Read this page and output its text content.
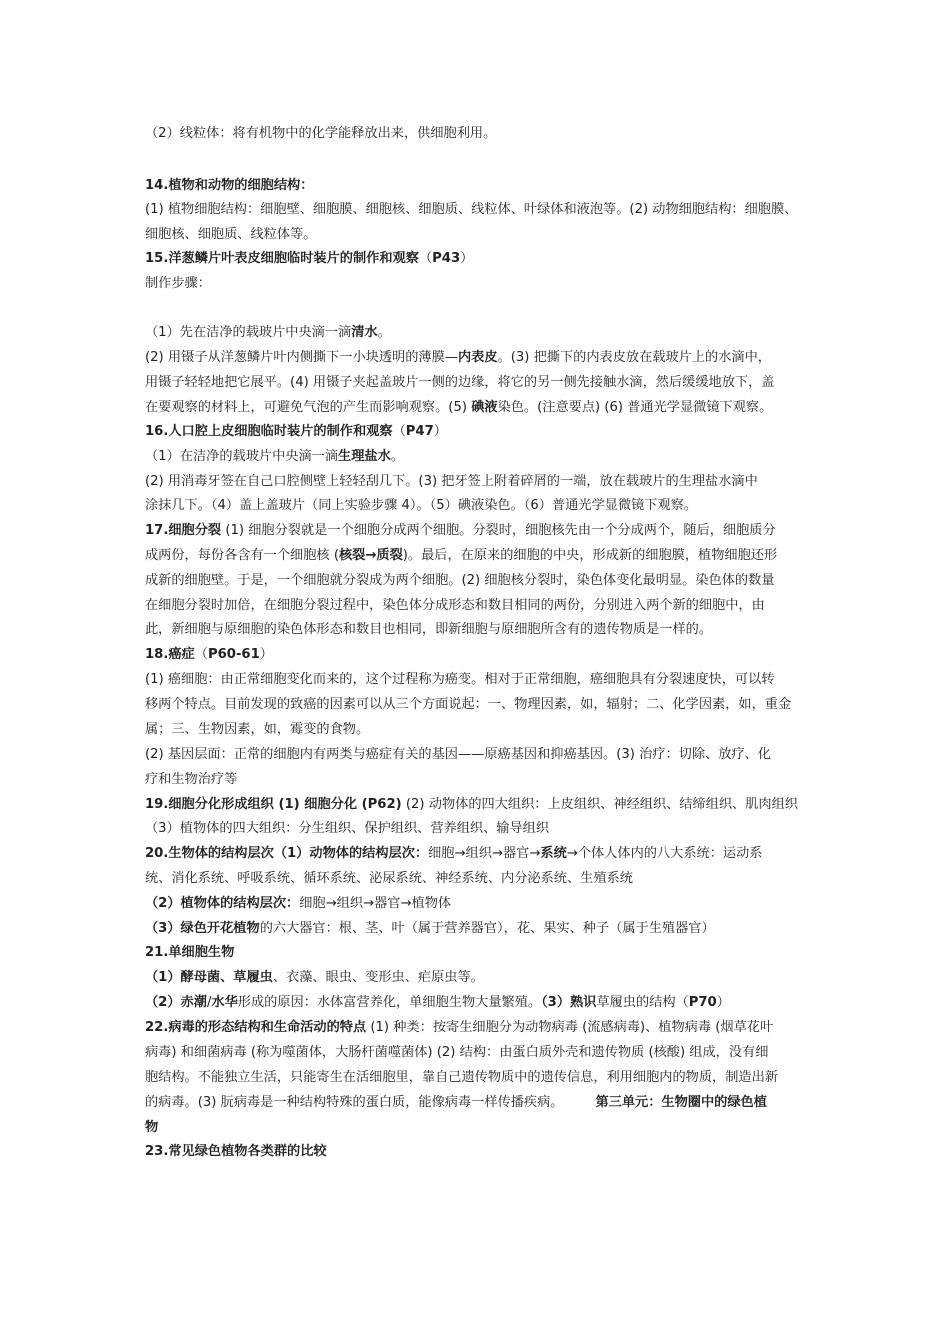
（2）线粒体：将有机物中的化学能释放出来，供细胞利用。
14.植物和动物的细胞结构：
(1) 植物细胞结构：细胞壁、细胞膜、细胞核、细胞质、线粒体、叶绿体和液泡等。(2) 动物细胞结构：细胞膜、
细胞核、细胞质、线粒体等。
15.洋葱鳞片叶表皮细胞临时装片的制作和观察（P43）
制作步骤：
（1）先在洁净的载玻片中央滴一滴清水。
(2) 用镊子从洋葱鳞片叶内侧撕下一小块透明的薄膜—内表皮。(3) 把撕下的内表皮放在载玻片上的水滴中，
用镊子轻轻地把它展平。(4) 用镊子夹起盖玻片一侧的边缘，将它的另一侧先接触水滴，然后缓缓地放下，盖
在要观察的材料上，可避免气泡的产生而影响观察。(5) 碘液染色。(注意要点) (6) 普通光学显微镜下观察。
16.人口腔上皮细胞临时装片的制作和观察（P47）
（1）在洁净的载玻片中央滴一滴生理盐水。
(2) 用消毒牙签在自己口腔侧壁上轻轻刮几下。(3) 把牙签上附着碎屑的一端，放在载玻片的生理盐水滴中
涂抹几下。（4）盖上盖玻片（同上实验步骤 4）。（5）碘液染色。（6）普通光学显微镜下观察。
17.细胞分裂 (1) 细胞分裂就是一个细胞分成两个细胞。分裂时，细胞核先由一个分成两个，随后，细胞质分
成两份，每份各含有一个细胞核 (核裂→质裂)。最后，在原来的细胞的中央，形成新的细胞膜，植物细胞还形
成新的细胞壁。于是，一个细胞就分裂成为两个细胞。(2) 细胞核分裂时，染色体变化最明显。染色体的数量
在细胞分裂时加倍，在细胞分裂过程中，染色体分成形态和数目相同的两份，分别进入两个新的细胞中，由
此，新细胞与原细胞的染色体形态和数目也相同，即新细胞与原细胞所含有的遗传物质是一样的。
18.癌症（P60-61）
(1) 癌细胞：由正常细胞变化而来的，这个过程称为癌变。相对于正常细胞，癌细胞具有分裂速度快，可以转
移两个特点。目前发现的致癌的因素可以从三个方面说起：一、物理因素，如，辐射；二、化学因素，如，重金
属；三、生物因素，如，霉变的食物。
(2) 基因层面：正常的细胞内有两类与癌症有关的基因——原癌基因和抑癌基因。(3) 治疗：切除、放疗、化
疗和生物治疗等
19.细胞分化形成组织 (1) 细胞分化 (P62) (2) 动物体的四大组织：上皮组织、神经组织、结缔组织、肌肉组织
（3）植物体的四大组织：分生组织、保护组织、营养组织、输导组织
20.生物体的结构层次（1）动物体的结构层次：细胞→组织→器官→系统→个体人体内的八大系统：运动系
统、消化系统、呼吸系统、循环系统、泌尿系统、神经系统、内分泌系统、生殖系统
（2）植物体的结构层次：细胞→组织→器官→植物体
（3）绿色开花植物的六大器官：根、茎、叶（属于营养器官），花、果实、种子（属于生殖器官）
21.单细胞生物
（1）酵母菌、草履虫、衣藻、眼虫、变形虫、疟原虫等。
（2）赤潮/水华形成的原因：水体富营养化，单细胞生物大量繁殖。（3）熟识草履虫的结构（P70）
22.病毒的形态结构和生命活动的特点 (1) 种类：按寄生细胞分为动物病毒 (流感病毒)、植物病毒 (烟草花叶
病毒) 和细菌病毒 (称为噬菌体，大肠杆菌噬菌体) (2) 结构：由蛋白质外壳和遗传物质 (核酸) 组成，没有细
胞结构。不能独立生活，只能寄生在活细胞里，靠自己遗传物质中的遗传信息，利用细胞内的物质，制造出新
的病毒。(3) 朊病毒是一种结构特殊的蛋白质，能像病毒一样传播疾病。 第三单元：生物圈中的绿色植
物
23.常见绿色植物各类群的比较
